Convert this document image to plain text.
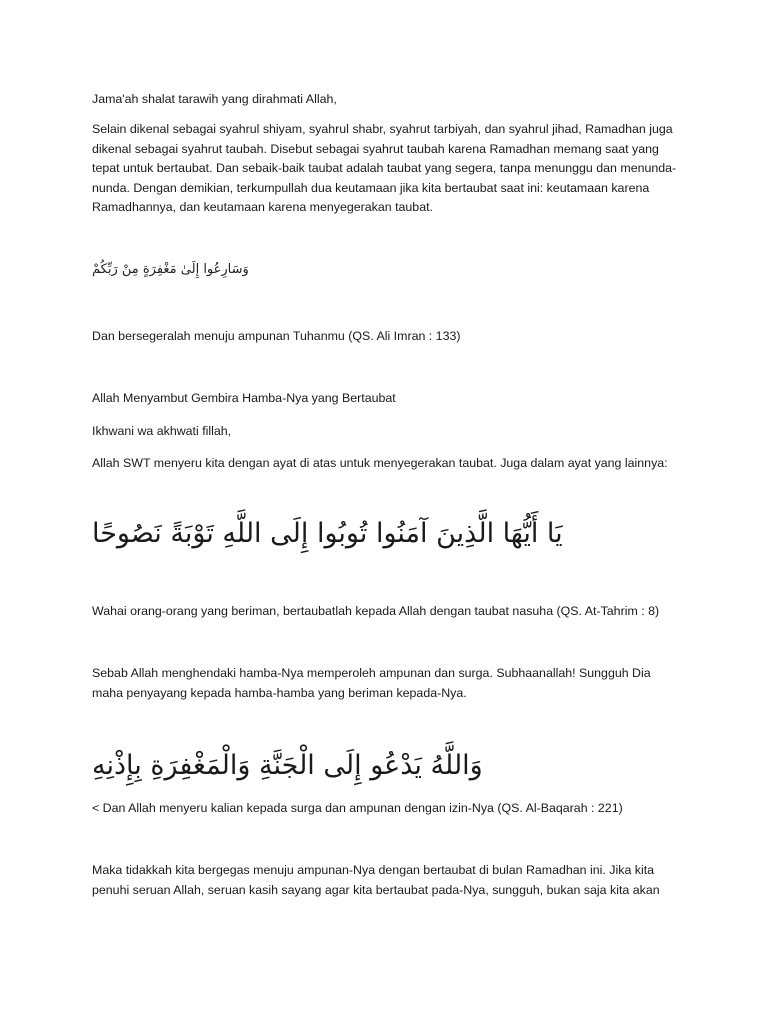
Jama'ah shalat tarawih yang dirahmati Allah,
Selain dikenal sebagai syahrul shiyam, syahrul shabr, syahrut tarbiyah, dan syahrul jihad, Ramadhan juga dikenal sebagai syahrut taubah. Disebut sebagai syahrut taubah karena Ramadhan memang saat yang tepat untuk bertaubat. Dan sebaik-baik taubat adalah taubat yang segera, tanpa menunggu dan menunda-nunda. Dengan demikian, terkumpullah dua keutamaan jika kita bertaubat saat ini: keutamaan karena Ramadhannya, dan keutamaan karena menyegerakan taubat.
وَسَارِعُوا إِلَىٰ مَغْفِرَةٍ مِنْ رَبِّكُمْ
Dan bersegeralah menuju ampunan Tuhanmu (QS. Ali Imran : 133)
Allah Menyambut Gembira Hamba-Nya yang Bertaubat
Ikhwani wa akhwati fillah,
Allah SWT menyeru kita dengan ayat di atas untuk menyegerakan taubat. Juga dalam ayat yang lainnya:
يَا أَيُّهَا الَّذِينَ آمَنُوا تُوبُوا إِلَى اللَّهِ تَوْبَةً نَصُوحًا
Wahai orang-orang yang beriman, bertaubatlah kepada Allah dengan taubat nasuha (QS. At-Tahrim : 8)
Sebab Allah menghendaki hamba-Nya memperoleh ampunan dan surga. Subhaanallah! Sungguh Dia maha penyayang kepada hamba-hamba yang beriman kepada-Nya.
وَاللَّهُ يَدْعُو إِلَى الْجَنَّةِ وَالْمَغْفِرَةِ بِإِذْنِهِ
< Dan Allah menyeru kalian kepada surga dan ampunan dengan izin-Nya (QS. Al-Baqarah : 221)
Maka tidakkah kita bergegas menuju ampunan-Nya dengan bertaubat di bulan Ramadhan ini. Jika kita
penuhi seruan Allah, seruan kasih sayang agar kita bertaubat pada-Nya, sungguh, bukan saja kita akan
